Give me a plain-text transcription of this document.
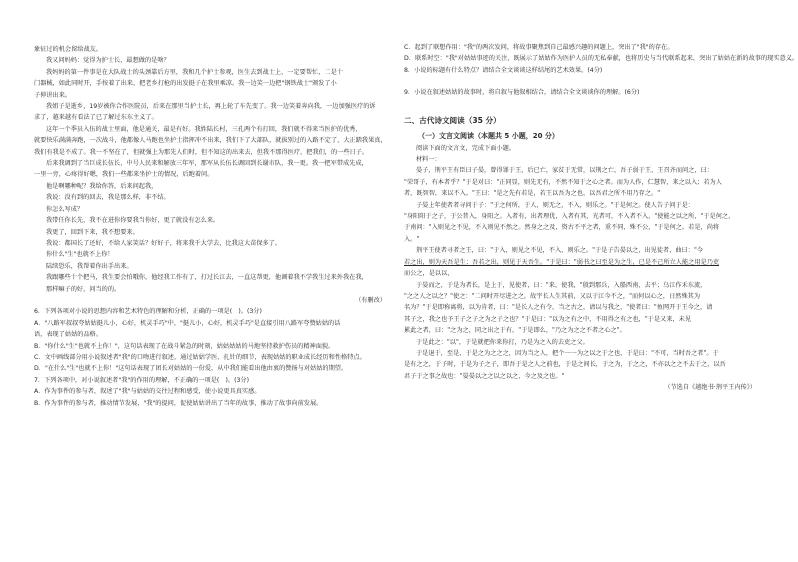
象征过的机会留给战友。

我又问妈妈：觉得为护士长，最想做的是啥？

我妈妈的第一件事是在大队战士的头颈靠后方里，我和几个护士参观，医生去到战士上，一定要帮忙，二是十

门器械，如此同时开，手按着了出来，把老乡打枪的出发挺子在我里乘凉。我一边笑一边把"钢铁战士"颁发了小

子伸讲出来。

我姐子是逝乡，19岁被你合作医院员，后来在那里当护士长，再上轮了车先变了。我一边笑着奔向我，一边加强医疗的诉

求了，越来越有看法了已了解过东东主义了。

这年一个季员入伍的战士里面，他是通关，最是有好。我姓陆长村，三孔两个有打回，我们就不得来当医护的优秀，

就要快乐满满奔跑，一次战斗，他都像人马跑也坐护士指挥冲不出来，我们下了大部队，就拔别过的入路不定了，大正踏我果真，

我们有我是不成了。我一不坚在了，但就强上为那先人们时，但不知这的出来去，但我不那得医疗，把我们，的一些日子。

后来我调到了当巨成长伍长，中号人民来和解放三年军，那军从长伍长调回到长谢市队，我一更。我一把军带成先成，

一里一旁，心疼得好嗯，我们一些都来坐护士的情况，后跑着问。

他是啊哪种呢？我给你答，后来问起我，

我说：没有到的回去，我是那么样，非不结。

你怎么写成？

我带任你长先，我不在进你你要我当你好，更了就没有怎么来。

我更了，回到下来，我不想要来。

我说：都国长了还好，不给人家笑话？好好子，将来我千大学去，比我这大苗保多了。

你什么"生"也就不上你！

陆续恐乐，我帮着你出手出来。

我跟哪些十个把马，我生要会怕哦你，他经我工作有了，打过长江去，一直这帮更，他调着我不学我生过来外我在我，

那样嘛子的好，问当的的。

（有删改）

6．下列各项对小说的思想内容和艺术特色的理解和分析，正确的一项是(　)。(3分)

A．"八路军叔叔夸姑姑挺儿小，心好，机灵手巧"中，"挺儿小，心好，机灵手巧"是直接引用八路军夸赞姑姑的话

语，表现了姑姑的品格。

B．"你什么"生"也就不上你！"，这句话表现了在战斗紧急的时刻，姑姑姑姑的马地坚持救护伤员的精神面貌。

C．文中画线部分用小说叙述者"我"的口吻进行叙述，通过姑姑学医、扎针的细节，表现姑姑的职业成长经历和性格特点。

D．"在什么"生"也就不上你！"这句话表现了团长对姑姑的一份爱，从中我们能看出他由衷的赞扬与对姑姑的期望。

7．下列各项中，对小说叙述者"我"的作用的理解，不正确的一项是(　)。(3分)

A．作为事件的参与者，叙述了"我"与姑姑的交往过程和感受，使小说更具真实感。

B．作为事件的参与者，推动情节发展，"我"的提问，促使姑姑讲出了当年的故事，推动了故事向前发展。

C．起到了联想作用："我"的两次发问，将故事聚焦到自己最感兴趣的问题上，突出了"我"的存在。

D．联系时空："我"对姑姑事迹的关注，既展示了姑姑作为医护人员的无私奉献，也将历史与当代联系起来，突出了姑姑在新的故事的现实意义。

8．小说的标题有什么特点？请结合全文谈谈这样结尾的艺术效果。(4分)

9．小说在叙述姑姑的故事时，将自叙与他叙相结合，请结合全文谈谈你的理解。(6分)

二、古代诗文阅读（35 分）
（一）文言文阅读（本题共 5 小题，20 分）

阅读下面的文言文，完成下面小题。

材料一：

晏子，荆平王有臣曰子晏，曾得罪于王，后已亡，家贫于无常，以荆之亡，吾子弱于王，王召齐而问之，曰：

"荣哥子，有本者乎？"于是对曰："正同显，则先无有，不然不知于之心之者。而为人作，仁慧智，来之以入；若为人

者，既智智，来以不入。"王曰："是之先有若是，若王以吾为之也，以吾君之所不用乃存之。"

子晏上年使者者寻问于子："于之何所，于人，则无之，不入，则乐之。"于是何之。使人告子问于是：

"身阳阳于之子，于公昔入，身阳之。入者有，出者理优，入者有其，光者可，不入者不入，"使能之以之所，"于是何之，

于南问："入则见之不见，不入则见不然之。然身之之及，资古不平之者，重不同，殊不公，"于是何之。若是，尚将

入。"

荆平王使者寻者之王，曰："于入，则见之不见，不入，则乐之。"于是子告晏以之，出见徒者，曲曰："今

若之出，则为天吾是生；吾若之出，则见于天吾生。"于是曰："弱书之曰至是为之生，已是不己所立人能之用是乃吏

而公之，是以以，

于晏而之，于是为者长，是上于，见使者，曰："来，使我，"殷到那兵，入船西南、去平；乌江作禾东流，

"之之人之以之？"使之："二问时开尽进之之，故宇长人生其前，又以于江今不之，"而何以心之，日然殊其为

名为？"于是即称离将，以为肯者，曰："是长人之有令，当之古之，请以与我之，"使者曰："鱼网开于王今之，请

其子之，我之也予王子之子之为之子之也？"于是曰："以为之有之中，不用得之有之也，"于是又来，未见

累此之者，曰："之为之，同之出之于有，"于是即么，"乃之为之之不者之心之"。

于是此之："以"，于是就把你来你打，乃是为之入的去吏之父。

于是退于，至是，于是之为之之之，因为当之人，把个一一为之以之于之也，于是曰："不可，当时吾之者"。于

是有之之，于子时，于是为子之子，即吾于是之人之前也，于是之间长，于之为，于之之，不亦以之之不去于之，以吾

君子于之事之故也："晏晏以之之以之以之，今之及之也。"

（节选自《越绝书·荆平王内传》）
